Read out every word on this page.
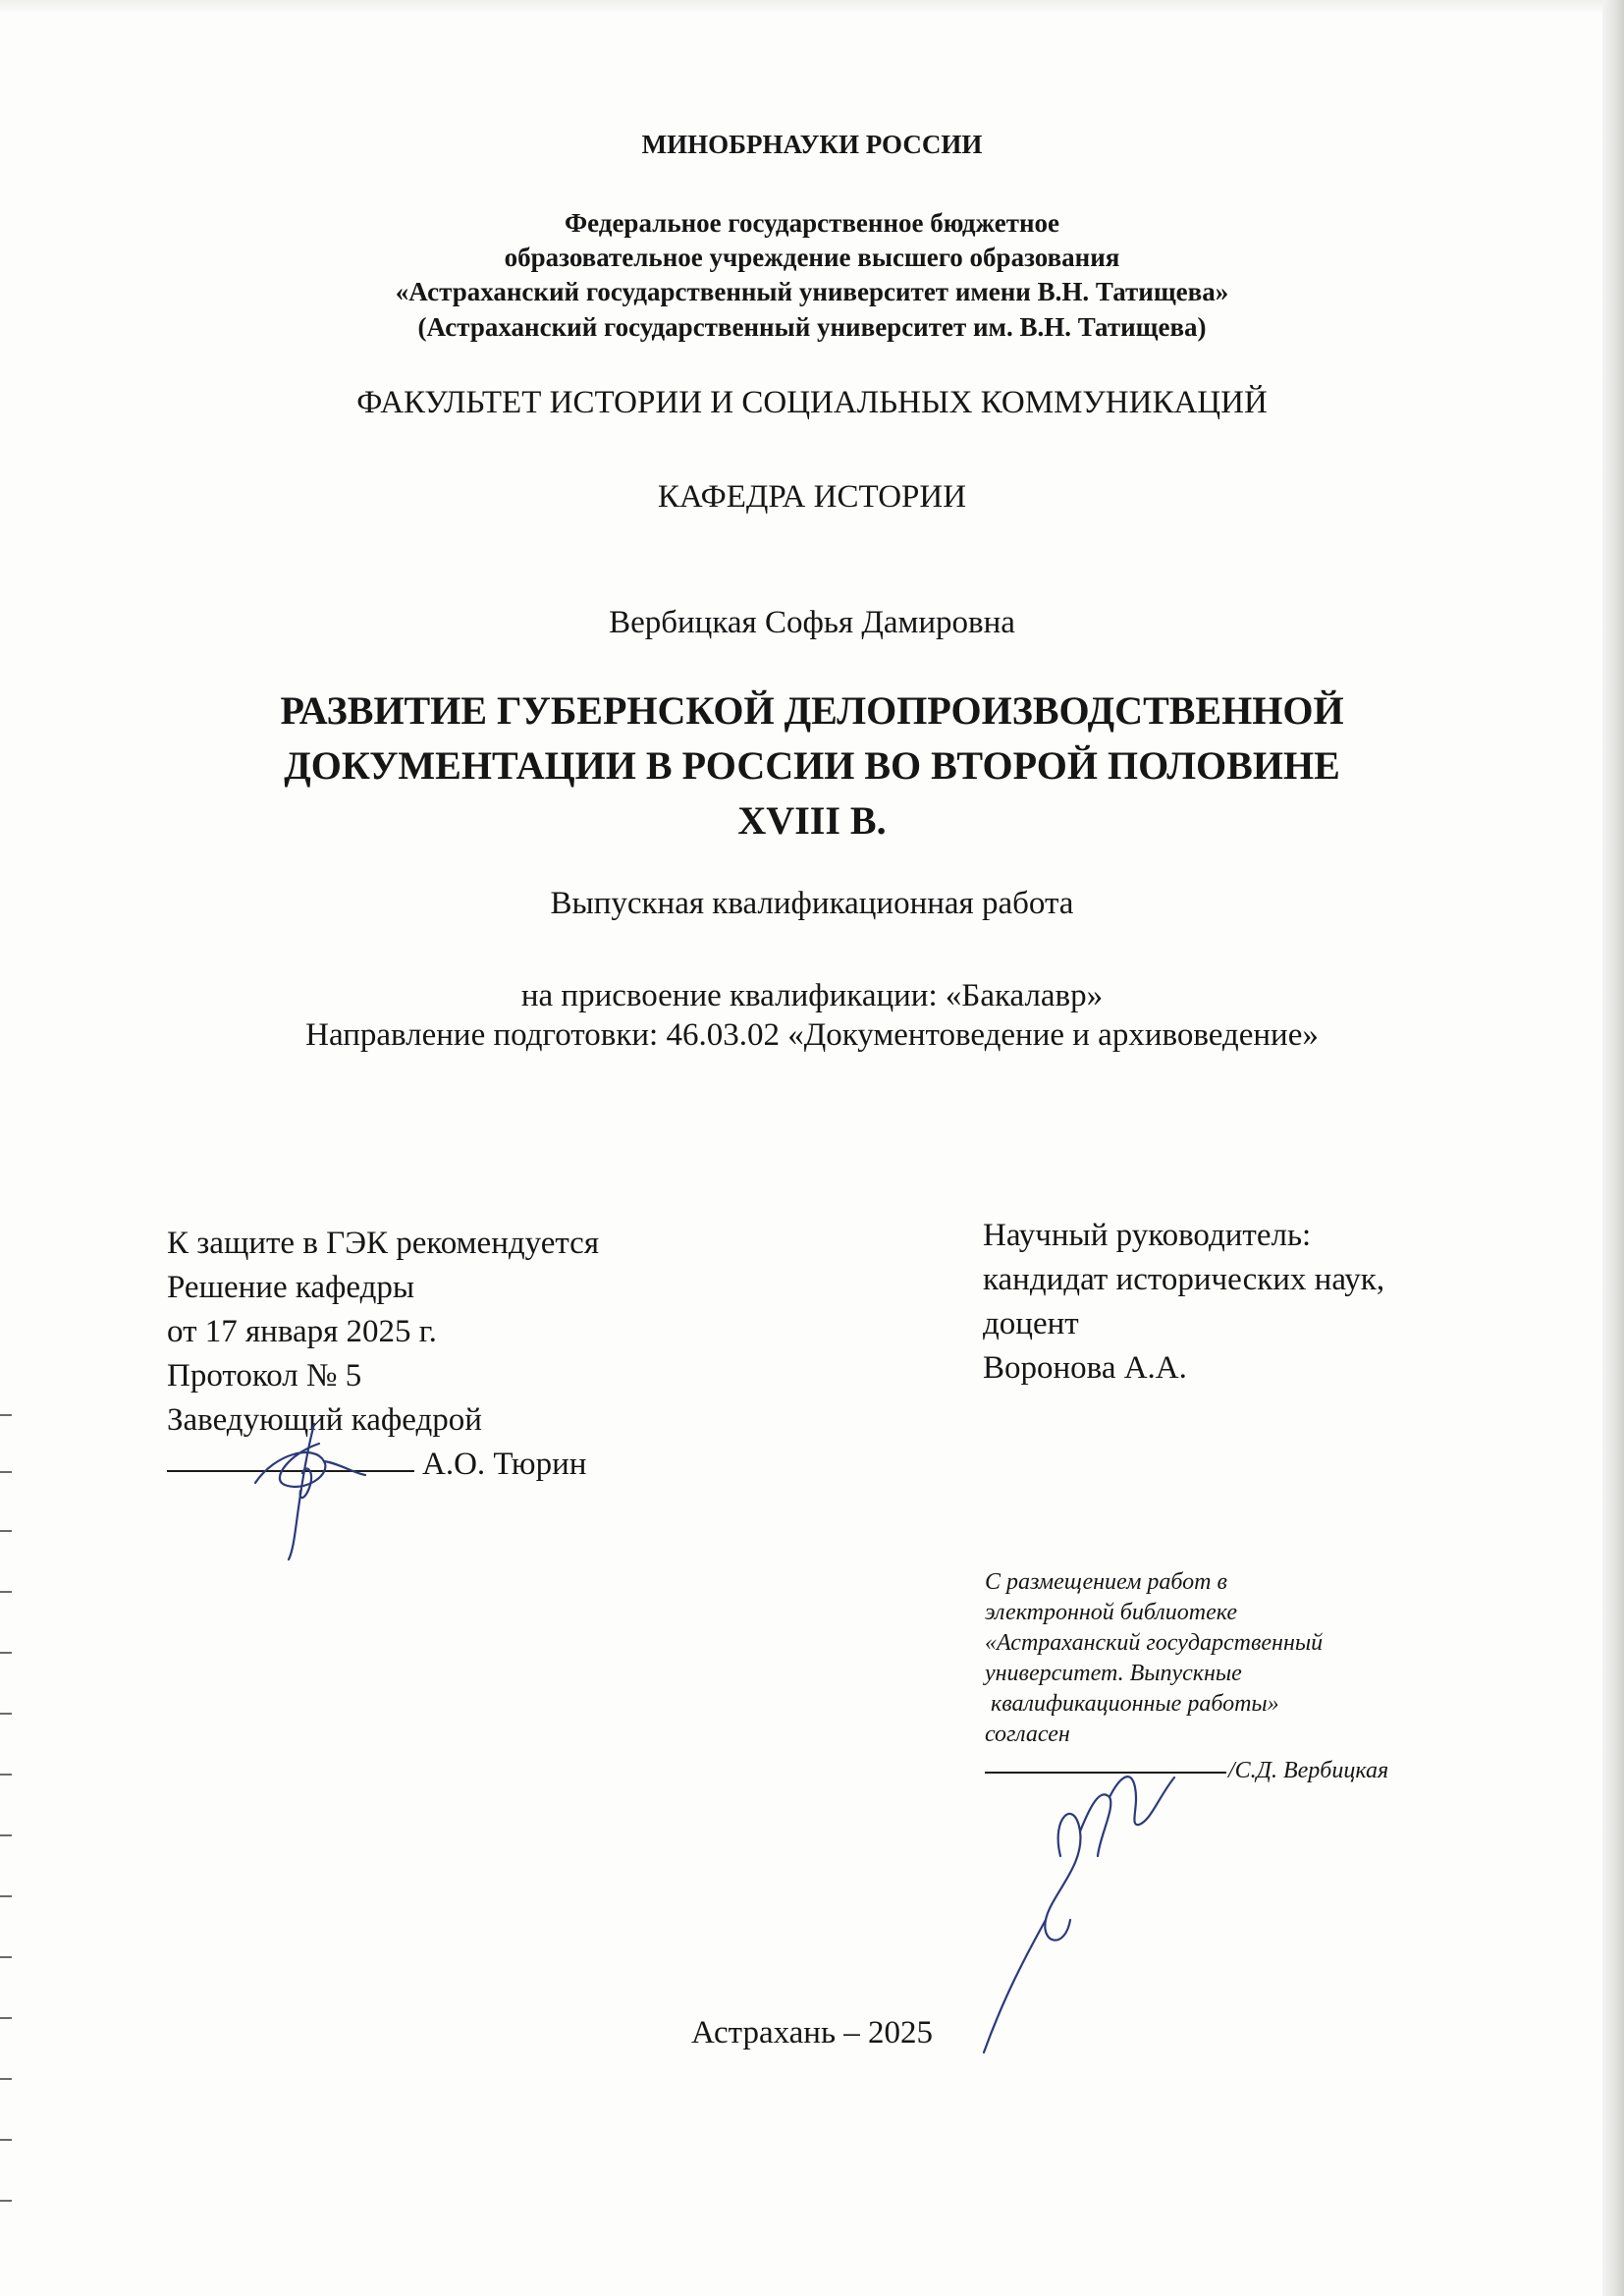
МИНОБРНАУКИ РОССИИ
Федеральное государственное бюджетное
образовательное учреждение высшего образования
«Астраханский государственный университет имени В.Н. Татищева»
(Астраханский государственный университет им. В.Н. Татищева)
ФАКУЛЬТЕТ ИСТОРИИ И СОЦИАЛЬНЫХ КОММУНИКАЦИЙ
КАФЕДРА ИСТОРИИ
Вербицкая Софья Дамировна
РАЗВИТИЕ ГУБЕРНСКОЙ ДЕЛОПРОИЗВОДСТВЕННОЙ
ДОКУМЕНТАЦИИ В РОССИИ ВО ВТОРОЙ ПОЛОВИНЕ
XVIII В.
Выпускная квалификационная работа
на присвоение квалификации: «Бакалавр»
Направление подготовки: 46.03.02 «Документоведение и архивоведение»
К защите в ГЭК рекомендуется
Решение кафедры
от 17 января 2025 г.
Протокол № 5
Заведующий кафедрой
А.О. Тюрин
Научный руководитель:
кандидат исторических наук,
доцент
Воронова А.А.
С размещением работ в
электронной библиотеке
«Астраханский государственный
университет. Выпускные
квалификационные работы»
согласен
/С.Д. Вербицкая
Астрахань – 2025
